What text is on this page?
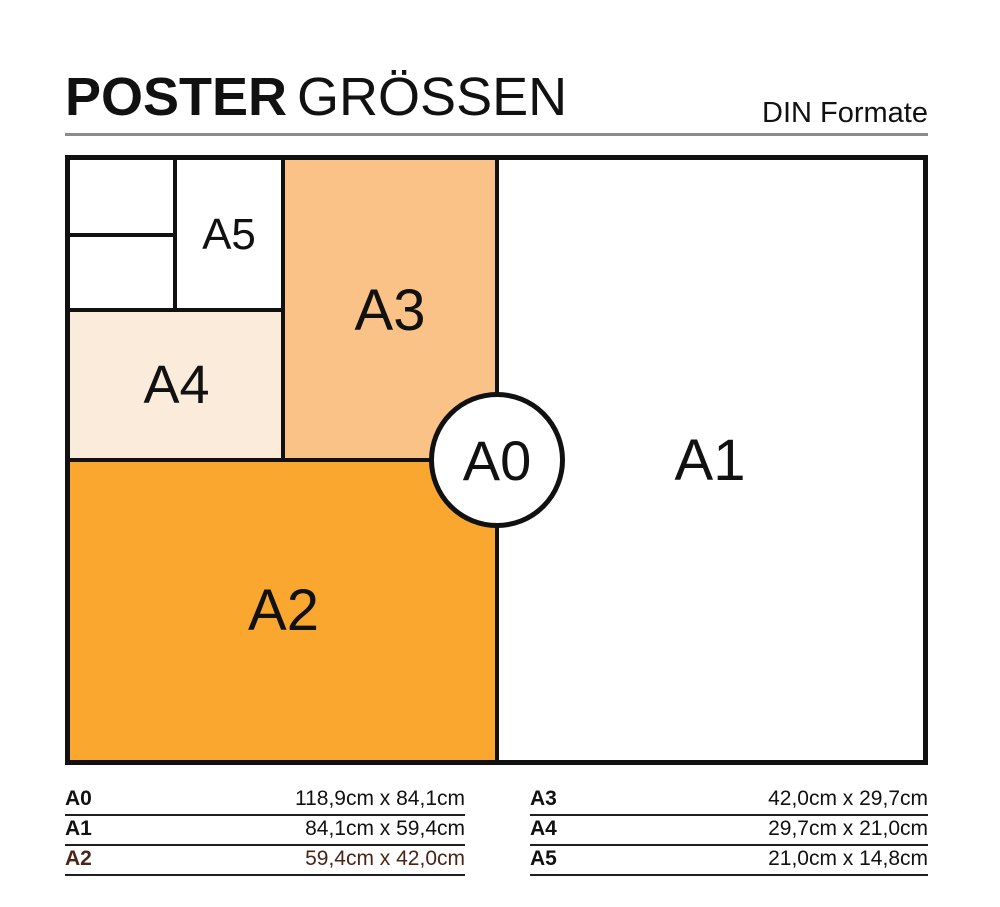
POSTER GRÖSSEN	DIN Formate
A1
A2
A3
A4
A5
A0
A0	118,9cm x 84,1cm
A1	84,1cm x 59,4cm
A2	59,4cm x 42,0cm
A3	42,0cm x 29,7cm
A4	29,7cm x 21,0cm
A5	21,0cm x 14,8cm
